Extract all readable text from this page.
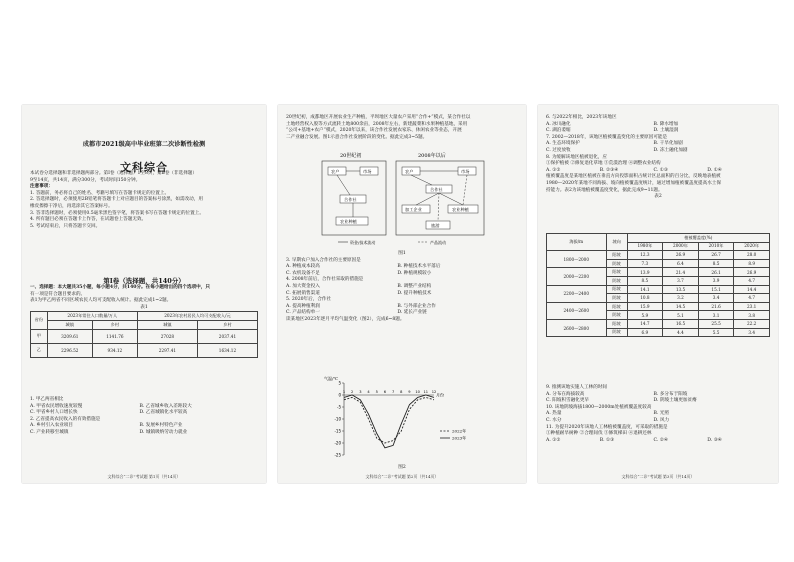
成都市2021级高中毕业班第二次诊断性检测

文科综合

本试卷分选择题和非选择题两部分。第Ⅰ卷（选择题）1至8页，第Ⅱ卷（非选择题）

9至14页，共14页，满分300分，考试时间150分钟。

注意事项：

1. 答题前，务必将自己的姓名、考籍号填写在答题卡规定的位置上。

2. 答选择题时，必须使用2B铅笔将答题卡上对应题目的答案标号涂黑，如需改动，用

橡皮擦擦干净后，再选涂其它答案标号。

3. 答非选择题时，必须使用0.5毫米黑色签字笔，将答案书写在答题卡规定的位置上。

4. 所有题目必须在答题卡上作答，在试题卷上答题无效。

5. 考试结束后，只将答题卡交回。

第Ⅰ卷（选择题，共140分）

一、选择题：本大题共35小题，每小题4分，共140分。在每小题给出的四个选项中，只

有一项是符合题目要求的。

表1为甲乙两省不同区域农民人均可支配收入统计。据此完成1~2题。

表1

省份	2023年常住人口数量/万人		2023年农村居民人均可支配收入/元	
	城镇	乡村	城镇	乡村
甲	3209.61	1141.76	27028	2037.41
乙	2296.52	934.12	2297.41	1634.12

1. 甲乙两省相比

A. 甲省农民增收速度较慢	B. 乙省城乡收入差距较大

C. 甲省乡村人口增长快	D. 乙省城镇化水平较高

2. 乙省提高农民收入的有效措施是

A. 乡村引入农业项目	B. 发展乡村特色产业

C. 产业转移至城镇	D. 城镇吸纳劳动力就业

文科综合“二诊”考试题 第1页（共14页）

20世纪初，成都地区开展农业生产种植，平坝地区大量农户采用“合作+”模式，某合作社以

土地经营权入股等方式流转土地800余亩，2008年左右，新建蔬菜和水果种植基地，采用

“公司+基地+农户”模式，2020年以来，该合作社发展农家乐、休闲农业等业态，开展

二产业融合发展。图1示意合作社发展阶段的变化。据此完成3~5题。

20世纪初	2008年以后
农户	市场
合作社
农业种植
农户	市场
合作社
加工企业	农业种植
旅游
资金/技术流动	产品流动

图1

3. 早期农户加入合作社的主要原因是

A. 种植成本较高	B. 种植技术水平落后

C. 农机设备不足	D. 种植规模较小

4. 2008年前后，合作社采取的措施是

A. 加大资金投入	B. 调整产业结构

C. 拓展销售渠道	D. 提升种植技术

5. 2020年后，合作社

A. 提高种植利润	B. 与外部企业合作

C. 产品结构单一	D. 延长产业链

读某地区2023年逐月平均气温变化（图2），完成6~8题。

5
0
-5
-10
-15
-20
-25
1 2 3 4 5 6 7 8 9 10 11 12
月份
气温/℃
2022年
2023年

图2

文科综合“二诊”考试题 第2页（共14页）

6. 与2022年相比，2023年该地区

A. 冰川融化	B. 降水增加

C. 湖泊萎缩	D. 土壤湿润

7. 2002—2018年，该地区植被覆盖变化的主要原因可能是

A. 生态环境保护	B. 干旱化加剧

C. 过度放牧	D. 冻土融化加剧

8. 为缓解该地区植被退化，应

①保护植被 ②修复退化草地 ③荒漠治理 ④调整农业结构

A. ①②	B. ②③④	C. ①③	D. ①④

植被覆盖度是某地区植被在垂直方向投影面积占统计区总面积的百分比，反映地表植被

1980—2020年某地不同海拔、坡向植被覆盖度统计，通过增加植被覆盖度提高水土保

持能力。表2为该地植被覆盖度变化，据此完成9~11题。

表2

海拔/m	坡向	植被覆盖度(%)			
		1980年	2000年	2010年	2020年
1800—2000	阳坡	12.3	26.9	26.7	28.0
	阴坡	7.3	6.4	8.5	8.9
2000—2200	阳坡	13.9	21.4	26.1	26.9
	阴坡	8.5	3.7	3.9	4.7
2200—2400	阳坡	14.1	13.5	15.1	14.4
	阴坡	10.8	3.2	3.4	4.7
2400—2600	阳坡	15.9	14.5	21.6	23.1
	阴坡	5.9	5.1	3.1	3.8
2600—2800	阳坡	14.7	16.5	25.5	22.2
	阴坡	6.9	4.4	5.5	3.4

9. 推测该地实施人工林的时间

A. 分布在海拔较高	B. 多分布于阳坡

C. 阳坡积雪融化更早	D. 阴坡土壤更加贫瘠

10. 该地阴坡海拔1800—2000m处植被覆盖度较高

A. 热量	B. 光照

C. 水分	D. 风力

11. 为提升2020年该地人工林植被覆盖度，可采取的措施是

①种植耐旱树种 ②合理间伐 ③修筑梯田 ④退耕还林

A. ①②	B. ①③	C. ②④	D. ③④

文科综合“二诊”考试题 第3页（共14页）
